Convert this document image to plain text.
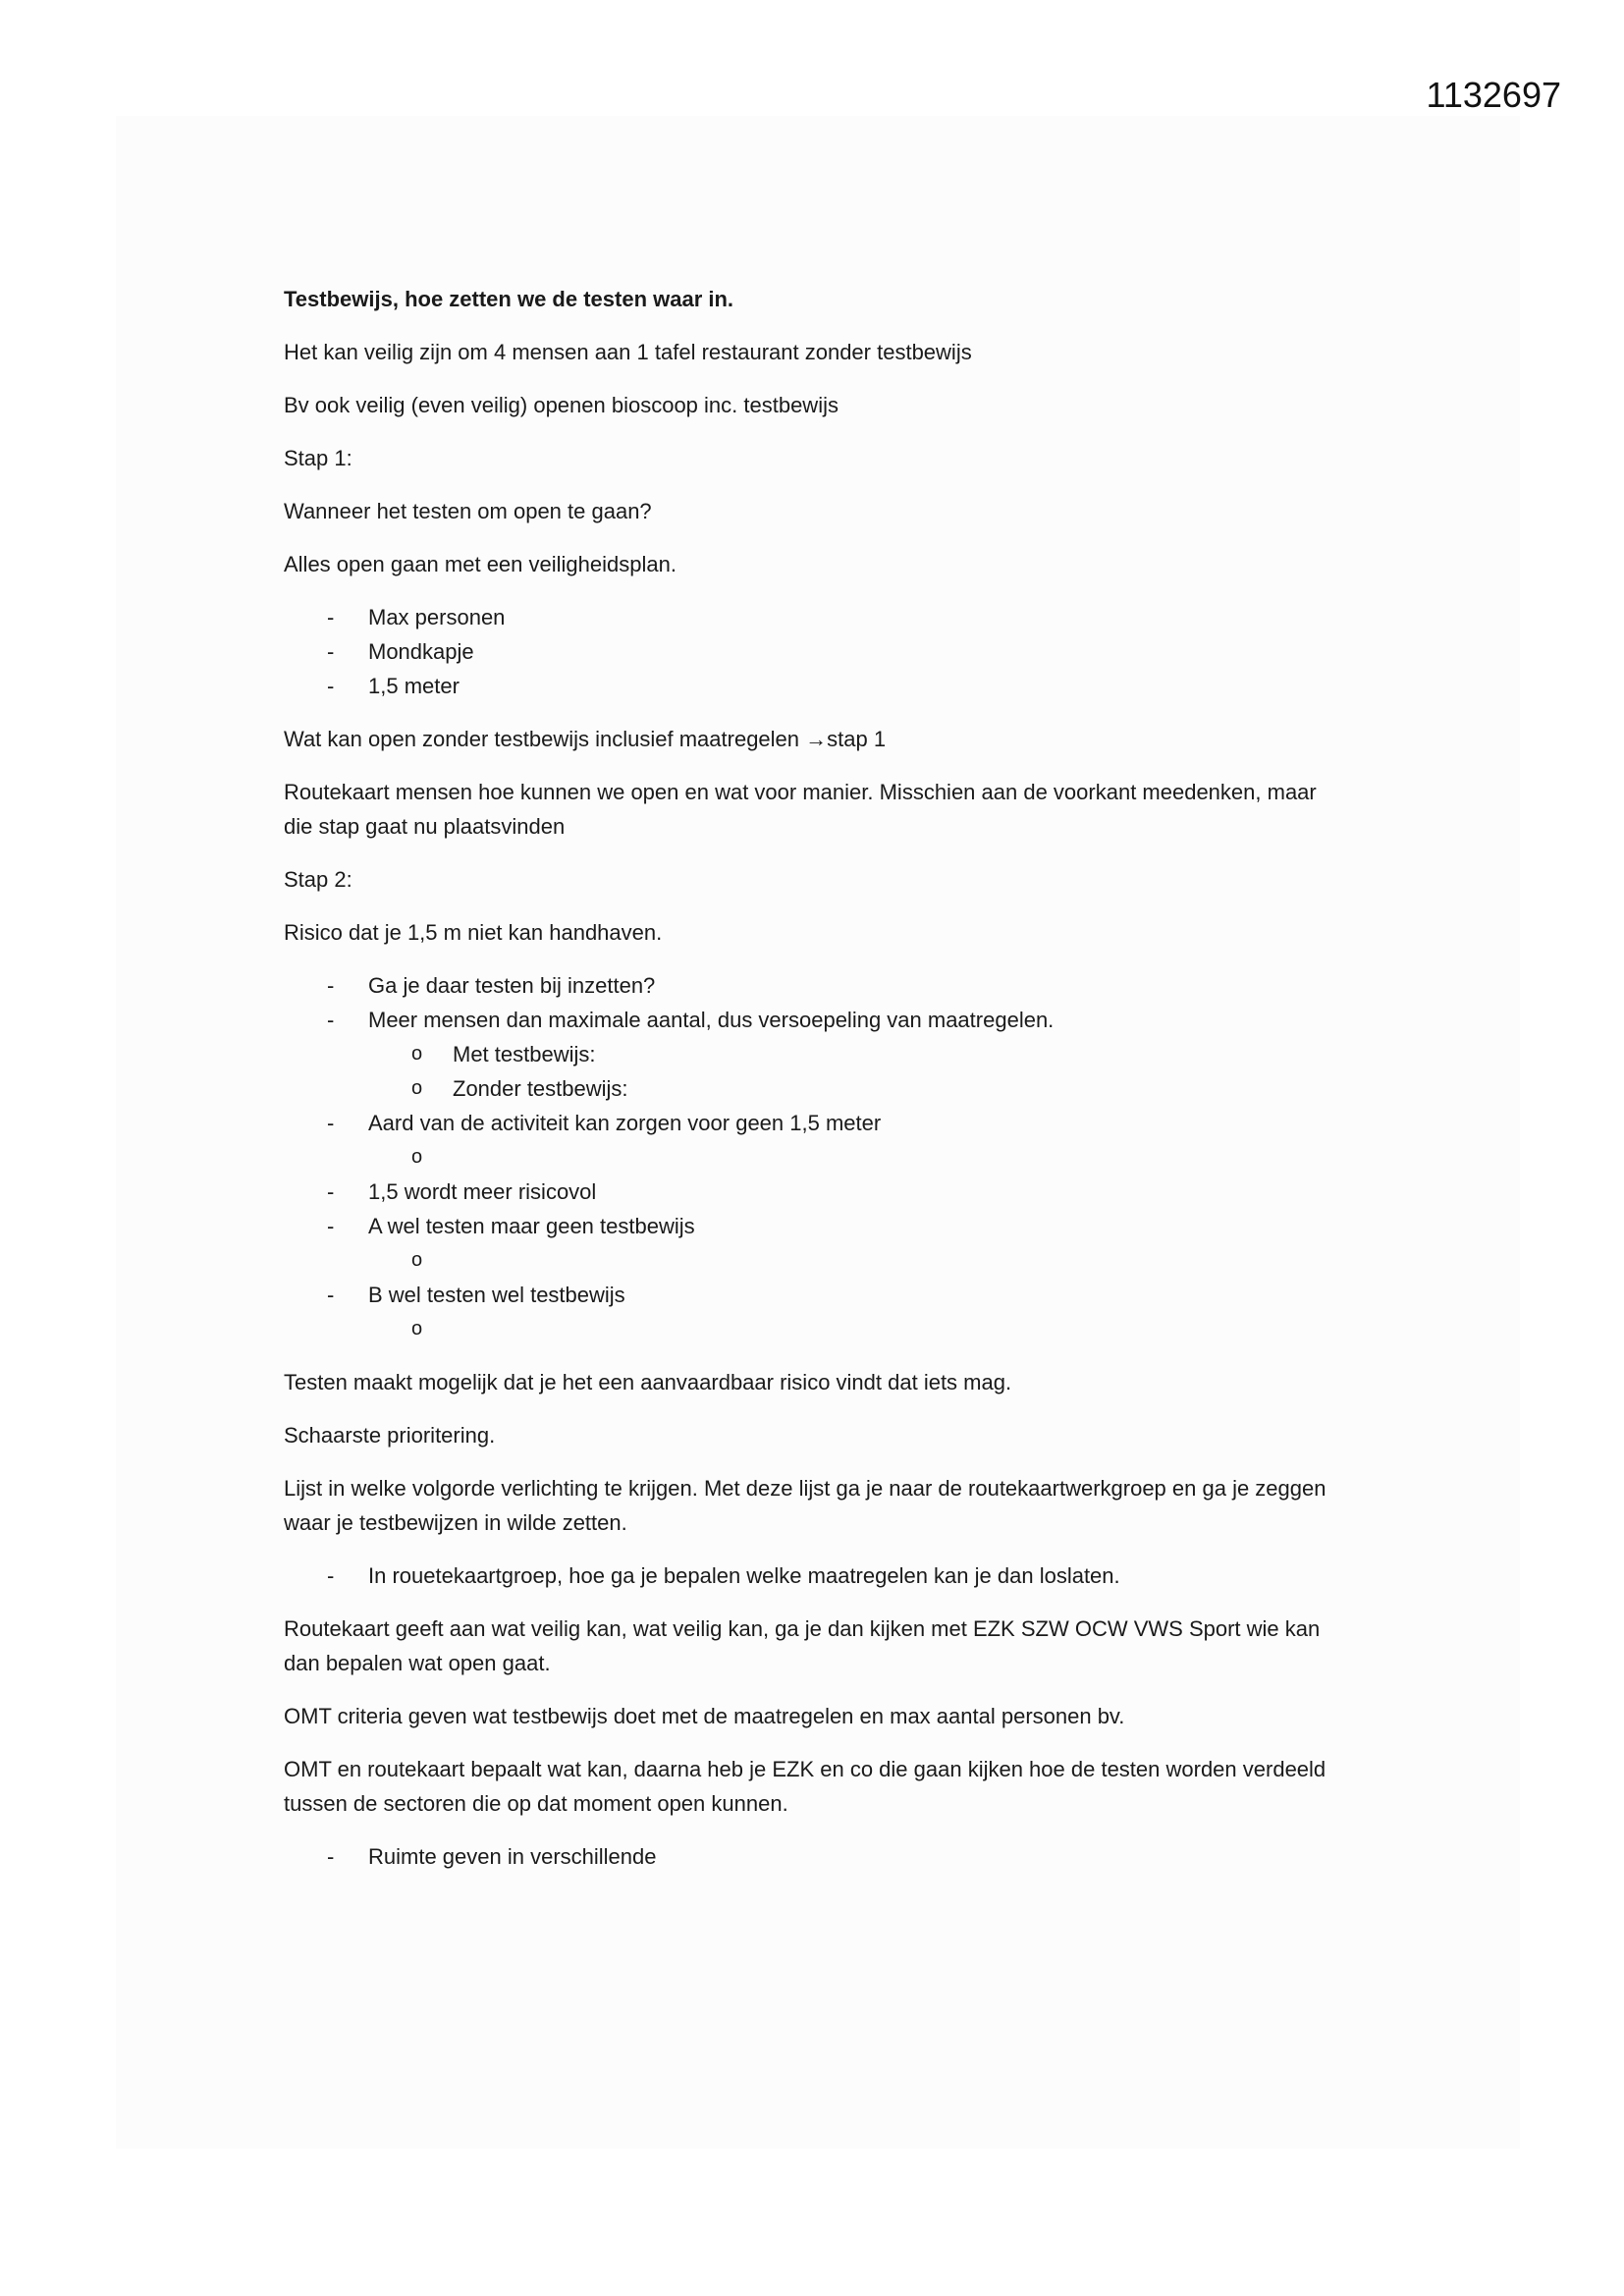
1132697

Testbewijs, hoe zetten we de testen waar in.

Het kan veilig zijn om 4 mensen aan 1 tafel restaurant zonder testbewijs

Bv ook veilig (even veilig) openen bioscoop inc. testbewijs

Stap 1:

Wanneer het testen om open te gaan?

Alles open gaan met een veiligheidsplan.

- Max personen
- Mondkapje
- 1,5 meter

Wat kan open zonder testbewijs inclusief maatregelen →stap 1

Routekaart mensen hoe kunnen we open en wat voor manier. Misschien aan de voorkant meedenken, maar die stap gaat nu plaatsvinden

Stap 2:

Risico dat je 1,5 m niet kan handhaven.

- Ga je daar testen bij inzetten?
- Meer mensen dan maximale aantal, dus versoepeling van maatregelen.
o Met testbewijs:
o Zonder testbewijs:
- Aard van de activiteit kan zorgen voor geen 1,5 meter
o

- 1,5 wordt meer risicovol
- A wel testen maar geen testbewijs
o

- B wel testen wel testbewijs
o

Testen maakt mogelijk dat je het een aanvaardbaar risico vindt dat iets mag.

Schaarste prioritering.

Lijst in welke volgorde verlichting te krijgen. Met deze lijst ga je naar de routekaartwerkgroep en ga je zeggen waar je testbewijzen in wilde zetten.

- In rouetekaartgroep, hoe ga je bepalen welke maatregelen kan je dan loslaten.

Routekaart geeft aan wat veilig kan, wat veilig kan, ga je dan kijken met EZK SZW OCW VWS Sport wie kan dan bepalen wat open gaat.

OMT criteria geven wat testbewijs doet met de maatregelen en max aantal personen bv.

OMT en routekaart bepaalt wat kan, daarna heb je EZK en co die gaan kijken hoe de testen worden verdeeld tussen de sectoren die op dat moment open kunnen.

- Ruimte geven in verschillende
